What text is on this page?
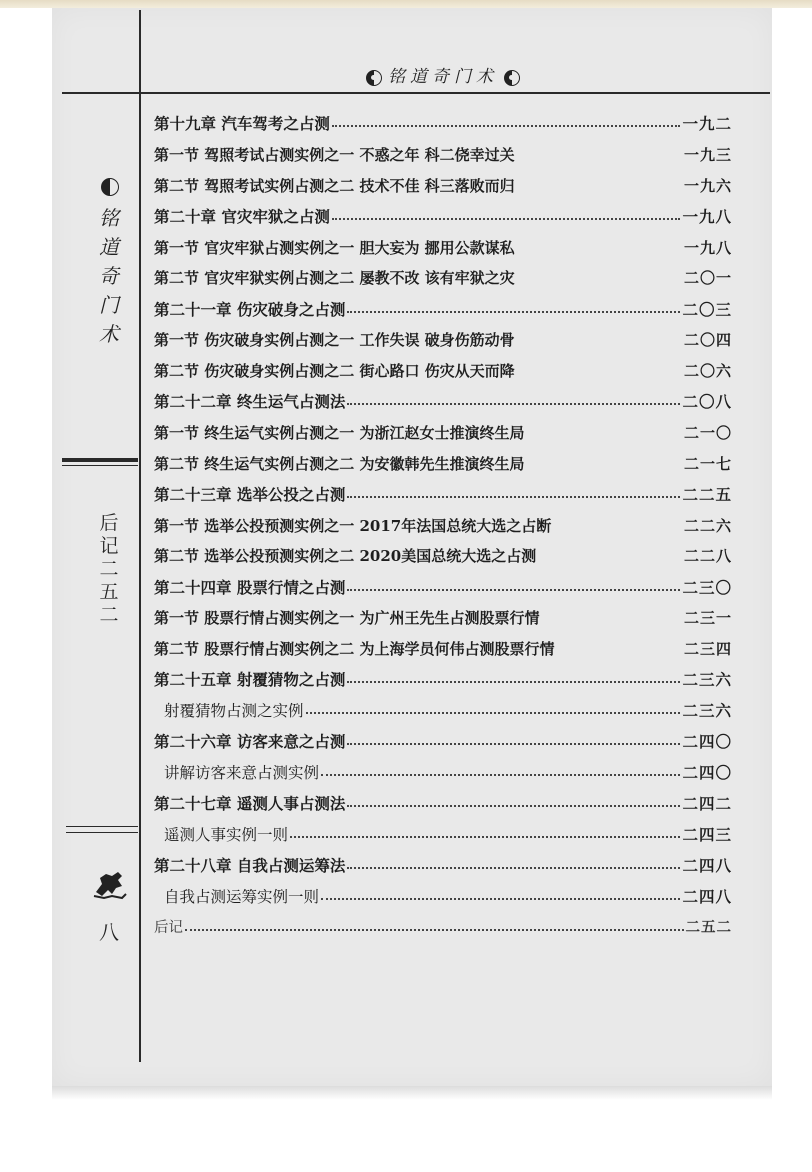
铭道奇门术
铭
道
奇
门
术
后
记
二
五
二
八
第十九章 汽车驾考之占测	一九二
第一节 驾照考试占测实例之一 不惑之年 科二侥幸过关	一九三
第二节 驾照考试实例占测之二 技术不佳 科三落败而归	一九六
第二十章 官灾牢狱之占测	一九八
第一节 官灾牢狱占测实例之一 胆大妄为 挪用公款谋私	一九八
第二节 官灾牢狱实例占测之二 屡教不改 该有牢狱之灾	二〇一
第二十一章 伤灾破身之占测	二〇三
第一节 伤灾破身实例占测之一 工作失误 破身伤筋动骨	二〇四
第二节 伤灾破身实例占测之二 街心路口 伤灾从天而降	二〇六
第二十二章 终生运气占测法	二〇八
第一节 终生运气实例占测之一 为浙江赵女士推演终生局	二一〇
第二节 终生运气实例占测之二 为安徽韩先生推演终生局	二一七
第二十三章 选举公投之占测	二二五
第一节 选举公投预测实例之一 2017年法国总统大选之占断	二二六
第二节 选举公投预测实例之二 2020美国总统大选之占测	二二八
第二十四章 股票行情之占测	二三〇
第一节 股票行情占测实例之一 为广州王先生占测股票行情	二三一
第二节 股票行情占测实例之二 为上海学员何伟占测股票行情	二三四
第二十五章 射覆猜物之占测	二三六
射覆猜物占测之实例	二三六
第二十六章 访客来意之占测	二四〇
讲解访客来意占测实例	二四〇
第二十七章 遥测人事占测法	二四二
遥测人事实例一则	二四三
第二十八章 自我占测运筹法	二四八
自我占测运筹实例一则	二四八
后记	二五二
